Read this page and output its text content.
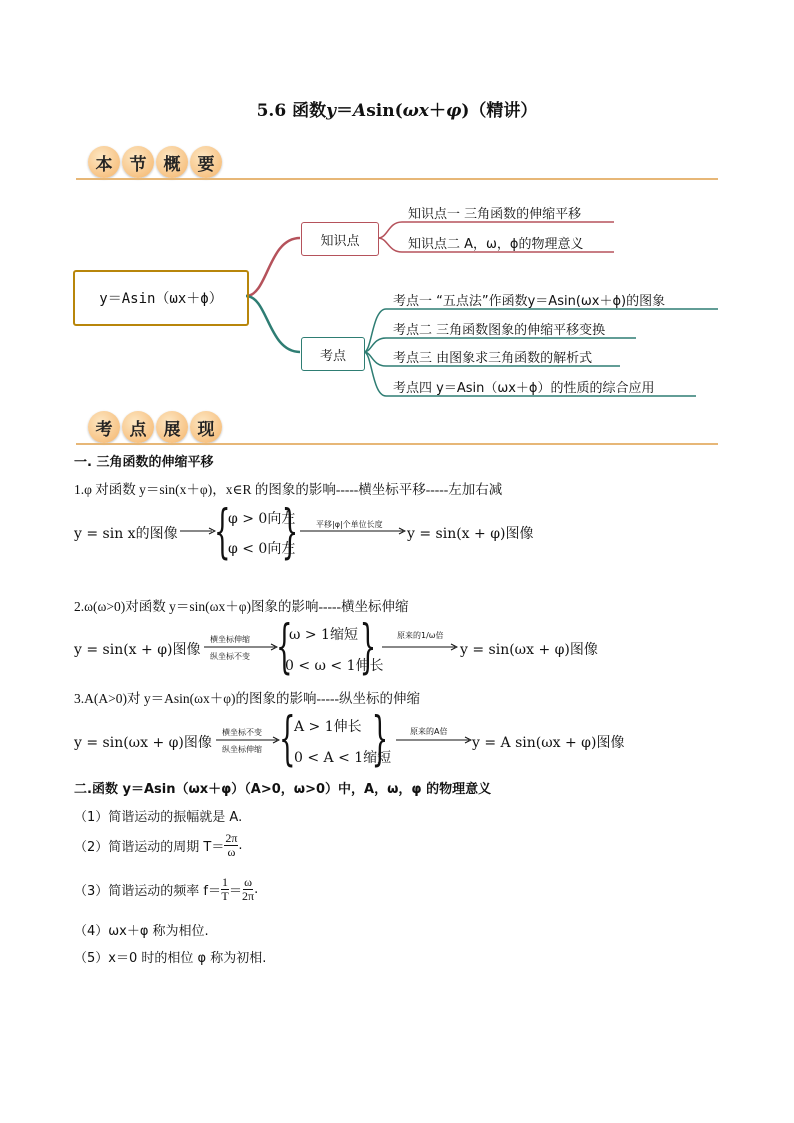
5.6 函数y＝Asin(ωx＋φ)（精讲）
本	节	概	要
y＝Asin（ωx＋ϕ）
知识点
考点
知识点一 三角函数的伸缩平移
知识点二 A，ω，ϕ的物理意义
考点一 “五点法”作函数y＝Asin(ωx＋ϕ)的图象
考点二 三角函数图象的伸缩平移变换
考点三 由图象求三角函数的解析式
考点四 y＝Asin（ωx＋ϕ）的性质的综合应用
考	点	展	现
一. 三角函数的伸缩平移
1.φ 对函数 y＝sin(x＋φ)，x∈R 的图象的影响-----横坐标平移-----左加右减
y = sin x的图像 {
φ > 0向左
φ < 0向左
{ 平移|φ|个单位长度
y = sin(x + φ)图像
2.ω(ω>0)对函数 y＝sin(ωx＋φ)图象的影响-----横坐标伸缩
y = sin(x + φ)图像
横坐标伸缩
纵坐标不变 {
ω > 1缩短
0 < ω < 1伸长
{	原来的1/ω倍
y = sin(ωx + φ)图像
3.A(A>0)对 y＝Asin(ωx＋φ)的图象的影响-----纵坐标的伸缩
y = sin(ωx + φ)图像
横坐标不变
纵坐标伸缩 {
A > 1伸长
0 < A < 1缩短
{	原来的A倍
y = A sin(ωx + φ)图像
二.函数 y＝Asin（ωx＋φ）（A>0，ω>0）中，A，ω，φ 的物理意义
（1）简谐运动的振幅就是 A.
（2）简谐运动的周期 $T= \frac{2\pi}{\omega}$ .
（3）简谐运动的频率 $f= \frac{1}{T} = \frac{\omega}{2\pi}$ .
（4）ωx＋φ 称为相位.
（5）x＝0 时的相位 φ 称为初相.
